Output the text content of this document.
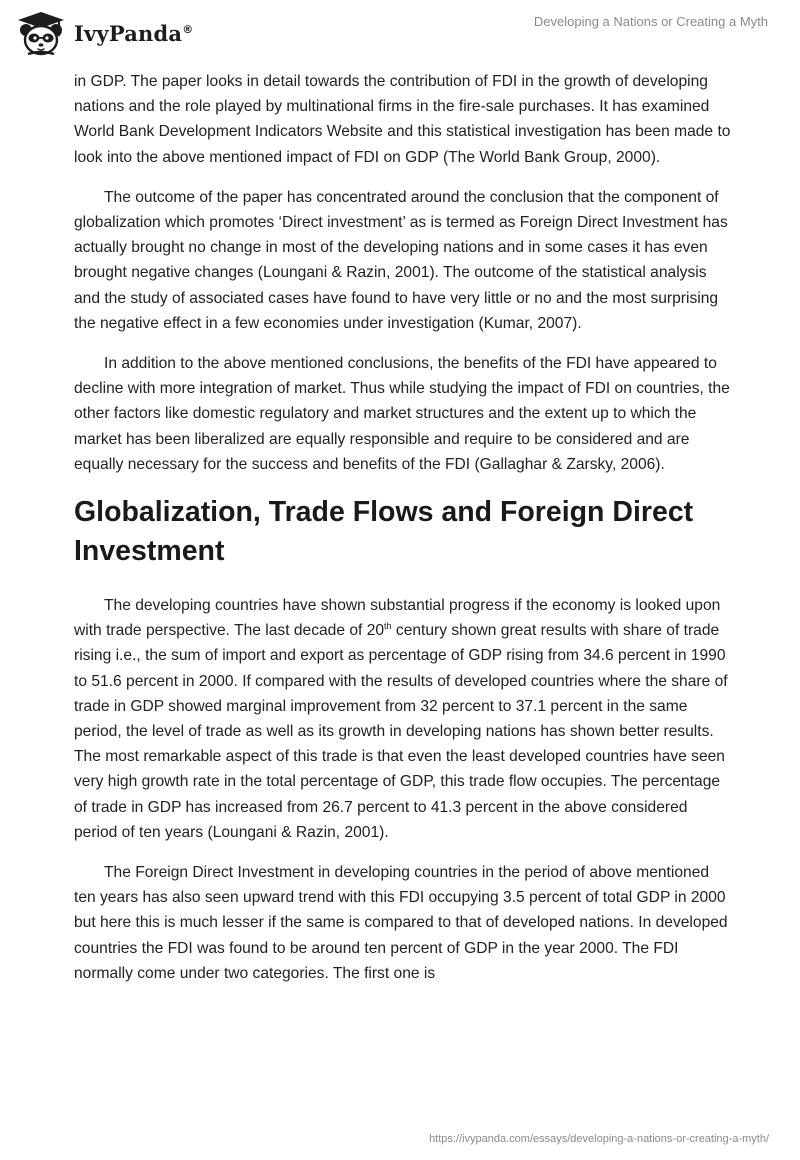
IvyPanda®	Developing a Nations or Creating a Myth

in GDP. The paper looks in detail towards the contribution of FDI in the growth of developing nations and the role played by multinational firms in the fire-sale purchases. It has examined World Bank Development Indicators Website and this statistical investigation has been made to look into the above mentioned impact of FDI on GDP (The World Bank Group, 2000).

The outcome of the paper has concentrated around the conclusion that the component of globalization which promotes ‘Direct investment’ as is termed as Foreign Direct Investment has actually brought no change in most of the developing nations and in some cases it has even brought negative changes (Loungani & Razin, 2001). The outcome of the statistical analysis and the study of associated cases have found to have very little or no and the most surprising the negative effect in a few economies under investigation (Kumar, 2007).

In addition to the above mentioned conclusions, the benefits of the FDI have appeared to decline with more integration of market. Thus while studying the impact of FDI on countries, the other factors like domestic regulatory and market structures and the extent up to which the market has been liberalized are equally responsible and require to be considered and are equally necessary for the success and benefits of the FDI (Gallaghar & Zarsky, 2006).

Globalization, Trade Flows and Foreign Direct Investment

The developing countries have shown substantial progress if the economy is looked upon with trade perspective. The last decade of 20th century shown great results with share of trade rising i.e., the sum of import and export as percentage of GDP rising from 34.6 percent in 1990 to 51.6 percent in 2000. If compared with the results of developed countries where the share of trade in GDP showed marginal improvement from 32 percent to 37.1 percent in the same period, the level of trade as well as its growth in developing nations has shown better results. The most remarkable aspect of this trade is that even the least developed countries have seen very high growth rate in the total percentage of GDP, this trade flow occupies. The percentage of trade in GDP has increased from 26.7 percent to 41.3 percent in the above considered period of ten years (Loungani & Razin, 2001).

The Foreign Direct Investment in developing countries in the period of above mentioned ten years has also seen upward trend with this FDI occupying 3.5 percent of total GDP in 2000 but here this is much lesser if the same is compared to that of developed nations. In developed countries the FDI was found to be around ten percent of GDP in the year 2000. The FDI normally come under two categories. The first one is

https://ivypanda.com/essays/developing-a-nations-or-creating-a-myth/
